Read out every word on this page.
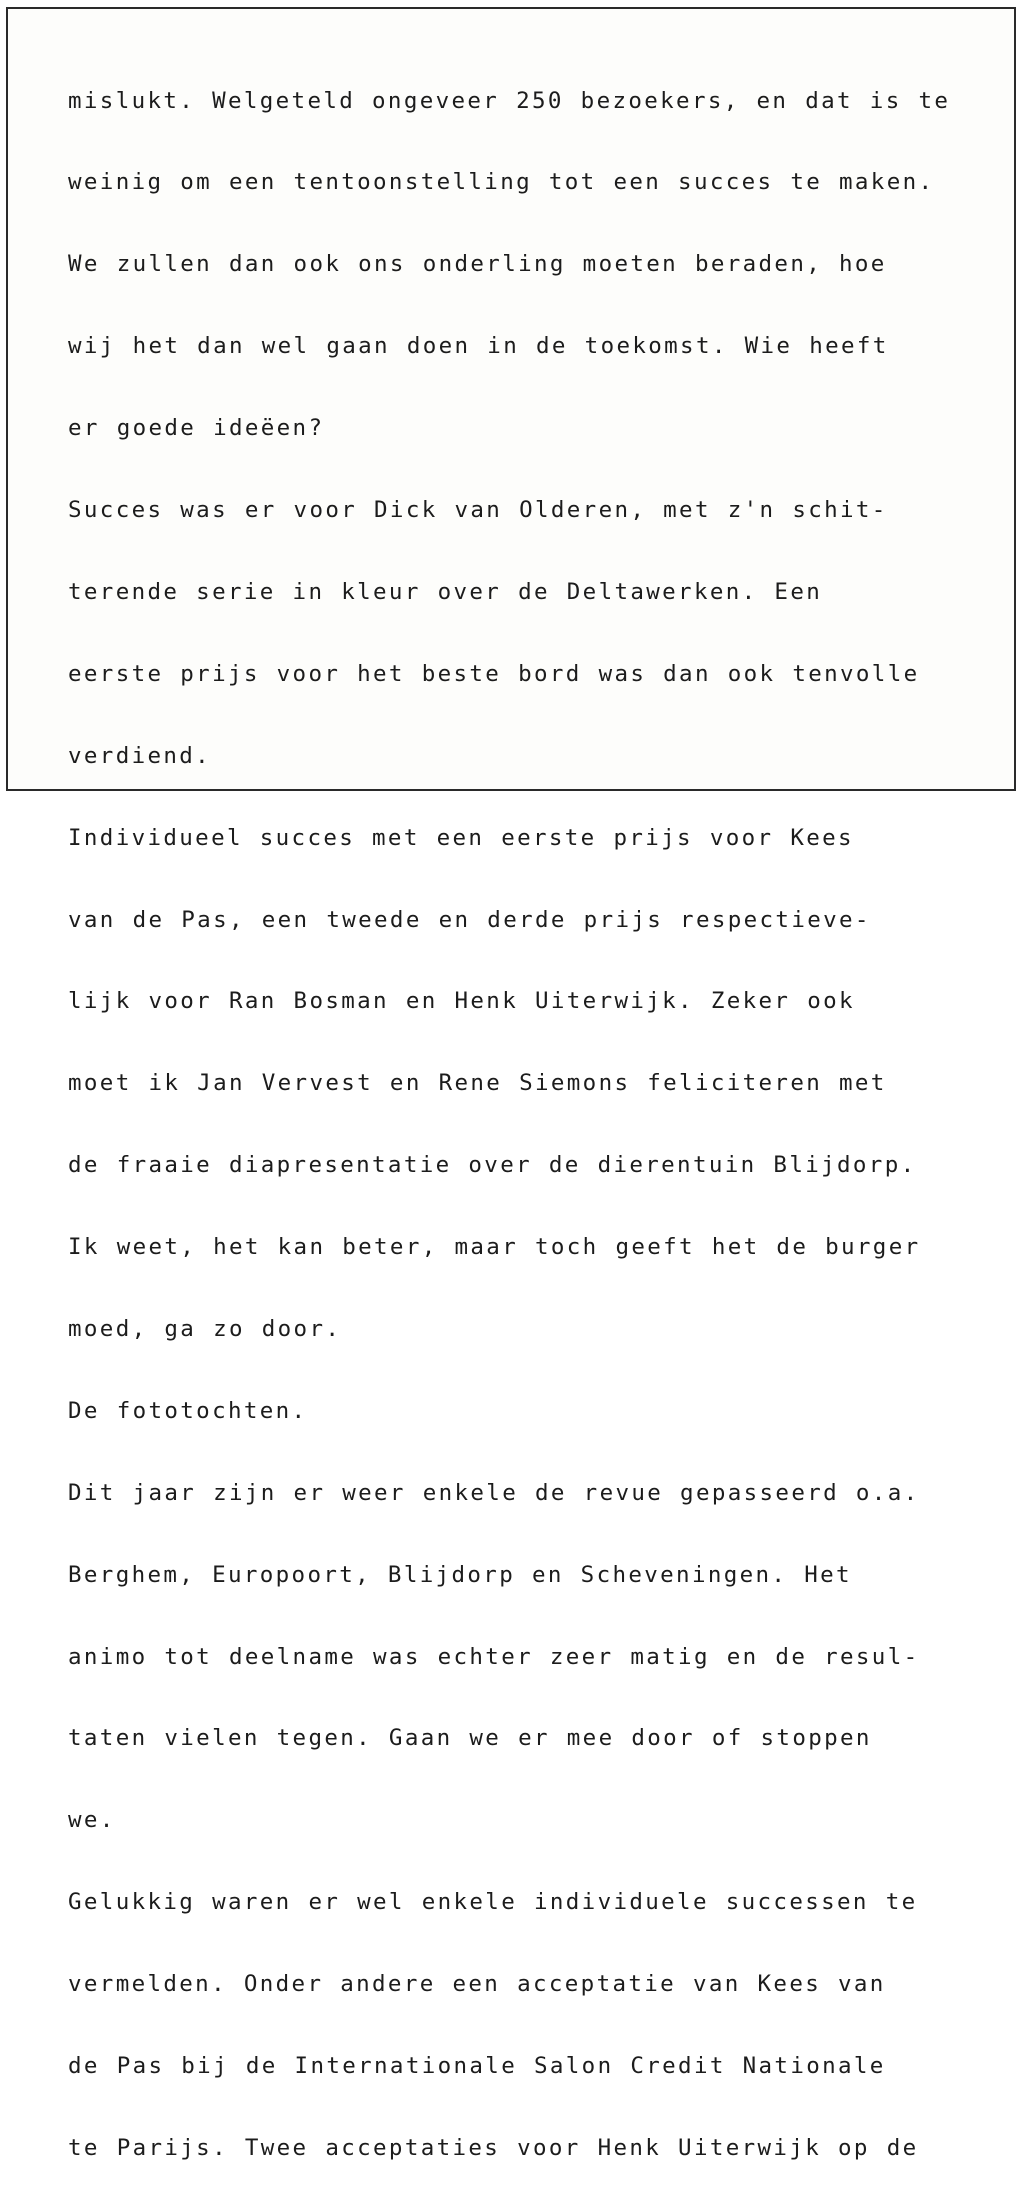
mislukt. Welgeteld ongeveer 250 bezoekers, en dat is te

weinig om een tentoonstelling tot een succes te maken.

We zullen dan ook ons onderling moeten beraden, hoe

wij het dan wel gaan doen in de toekomst. Wie heeft

er goede ideëen?

Succes was er voor Dick van Olderen, met z'n schit-

terende serie in kleur over de Deltawerken. Een

eerste prijs voor het beste bord was dan ook tenvolle

verdiend.

Individueel succes met een eerste prijs voor Kees

van de Pas, een tweede en derde prijs respectieve-

lijk voor Ran Bosman en Henk Uiterwijk. Zeker ook

moet ik Jan Vervest en Rene Siemons feliciteren met

de fraaie diapresentatie over de dierentuin Blijdorp.

Ik weet, het kan beter, maar toch geeft het de burger

moed, ga zo door.

De fototochten.

Dit jaar zijn er weer enkele de revue gepasseerd o.a.

Berghem, Europoort, Blijdorp en Scheveningen. Het

animo tot deelname was echter zeer matig en de resul-

taten vielen tegen. Gaan we er mee door of stoppen

we.

Gelukkig waren er wel enkele individuele successen te

vermelden. Onder andere een acceptatie van Kees van

de Pas bij de Internationale Salon Credit Nationale

te Parijs. Twee acceptaties voor Henk Uiterwijk op de
